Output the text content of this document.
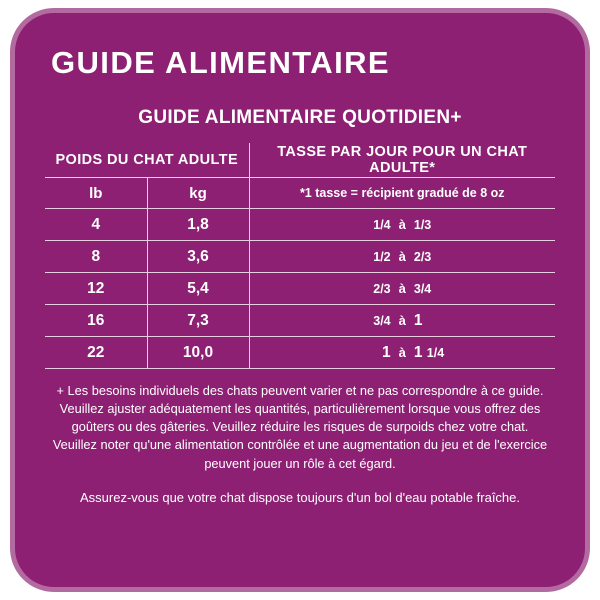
GUIDE ALIMENTAIRE
GUIDE ALIMENTAIRE QUOTIDIEN+
POIDS DU CHAT ADULTE		TASSE PAR JOUR POUR UN CHAT ADULTE*
lb	kg	*1 tasse = récipient gradué de 8 oz
4	1,8	1/4 à 1/3

8	3,6	1/2 à 2/3

12	5,4	2/3 à 3/4

16	7,3	3/4 à 1

22	10,0	1 à 1 1/4
+ Les besoins individuels des chats peuvent varier et ne pas correspondre à ce guide. Veuillez ajuster adéquatement les quantités, particulièrement lorsque vous offrez des goûters ou des gâteries. Veuillez réduire les risques de surpoids chez votre chat. Veuillez noter qu'une alimentation contrôlée et une augmentation du jeu et de l'exercice peuvent jouer un rôle à cet égard.
Assurez-vous que votre chat dispose toujours d'un bol d'eau potable fraîche.
